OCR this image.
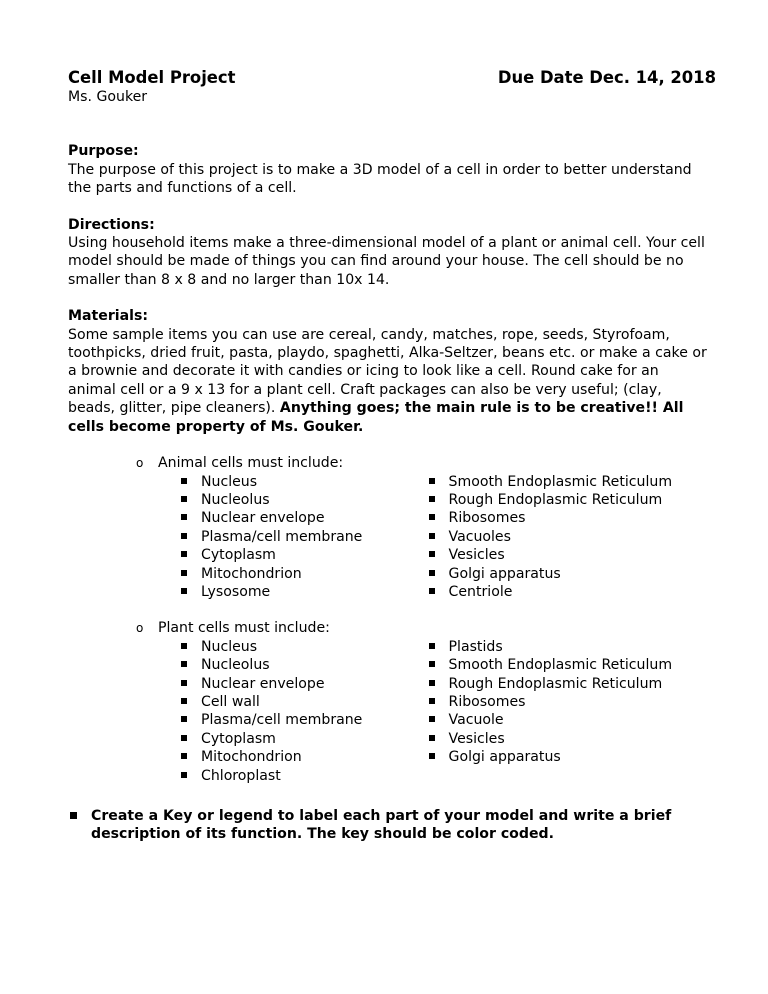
Cell Model Project	Due Date Dec. 14, 2018
Ms. Gouker
Purpose:

The purpose of this project is to make a 3D model of a cell in order to better understand the parts and functions of a cell.

Directions:

Using household items make a three-dimensional model of a plant or animal cell. Your cell model should be made of things you can find around your house. The cell should be no smaller than 8 x 8 and no larger than 10x 14.

Materials:

Some sample items you can use are cereal, candy, matches, rope, seeds, Styrofoam, toothpicks, dried fruit, pasta, playdo, spaghetti, Alka-Seltzer, beans etc. or make a cake or a brownie and decorate it with candies or icing to look like a cell. Round cake for an animal cell or a 9 x 13 for a plant cell. Craft packages can also be very useful; (clay, beads, glitter, pipe cleaners). Anything goes; the main rule is to be creative!! All cells become property of Ms. Gouker.

o	Animal cells must include:
Nucleus
Nucleolus
Nuclear envelope
Plasma/cell membrane
Cytoplasm
Mitochondrion
Lysosome
Smooth Endoplasmic Reticulum
Rough Endoplasmic Reticulum
Ribosomes
Vacuoles
Vesicles
Golgi apparatus
Centriole
o	Plant cells must include:
Nucleus
Nucleolus
Nuclear envelope
Cell wall
Plasma/cell membrane
Cytoplasm
Mitochondrion
Chloroplast
Plastids
Smooth Endoplasmic Reticulum
Rough Endoplasmic Reticulum
Ribosomes
Vacuole
Vesicles
Golgi apparatus
Create a Key or legend to label each part of your model and write a brief description of its function. The key should be color coded.
